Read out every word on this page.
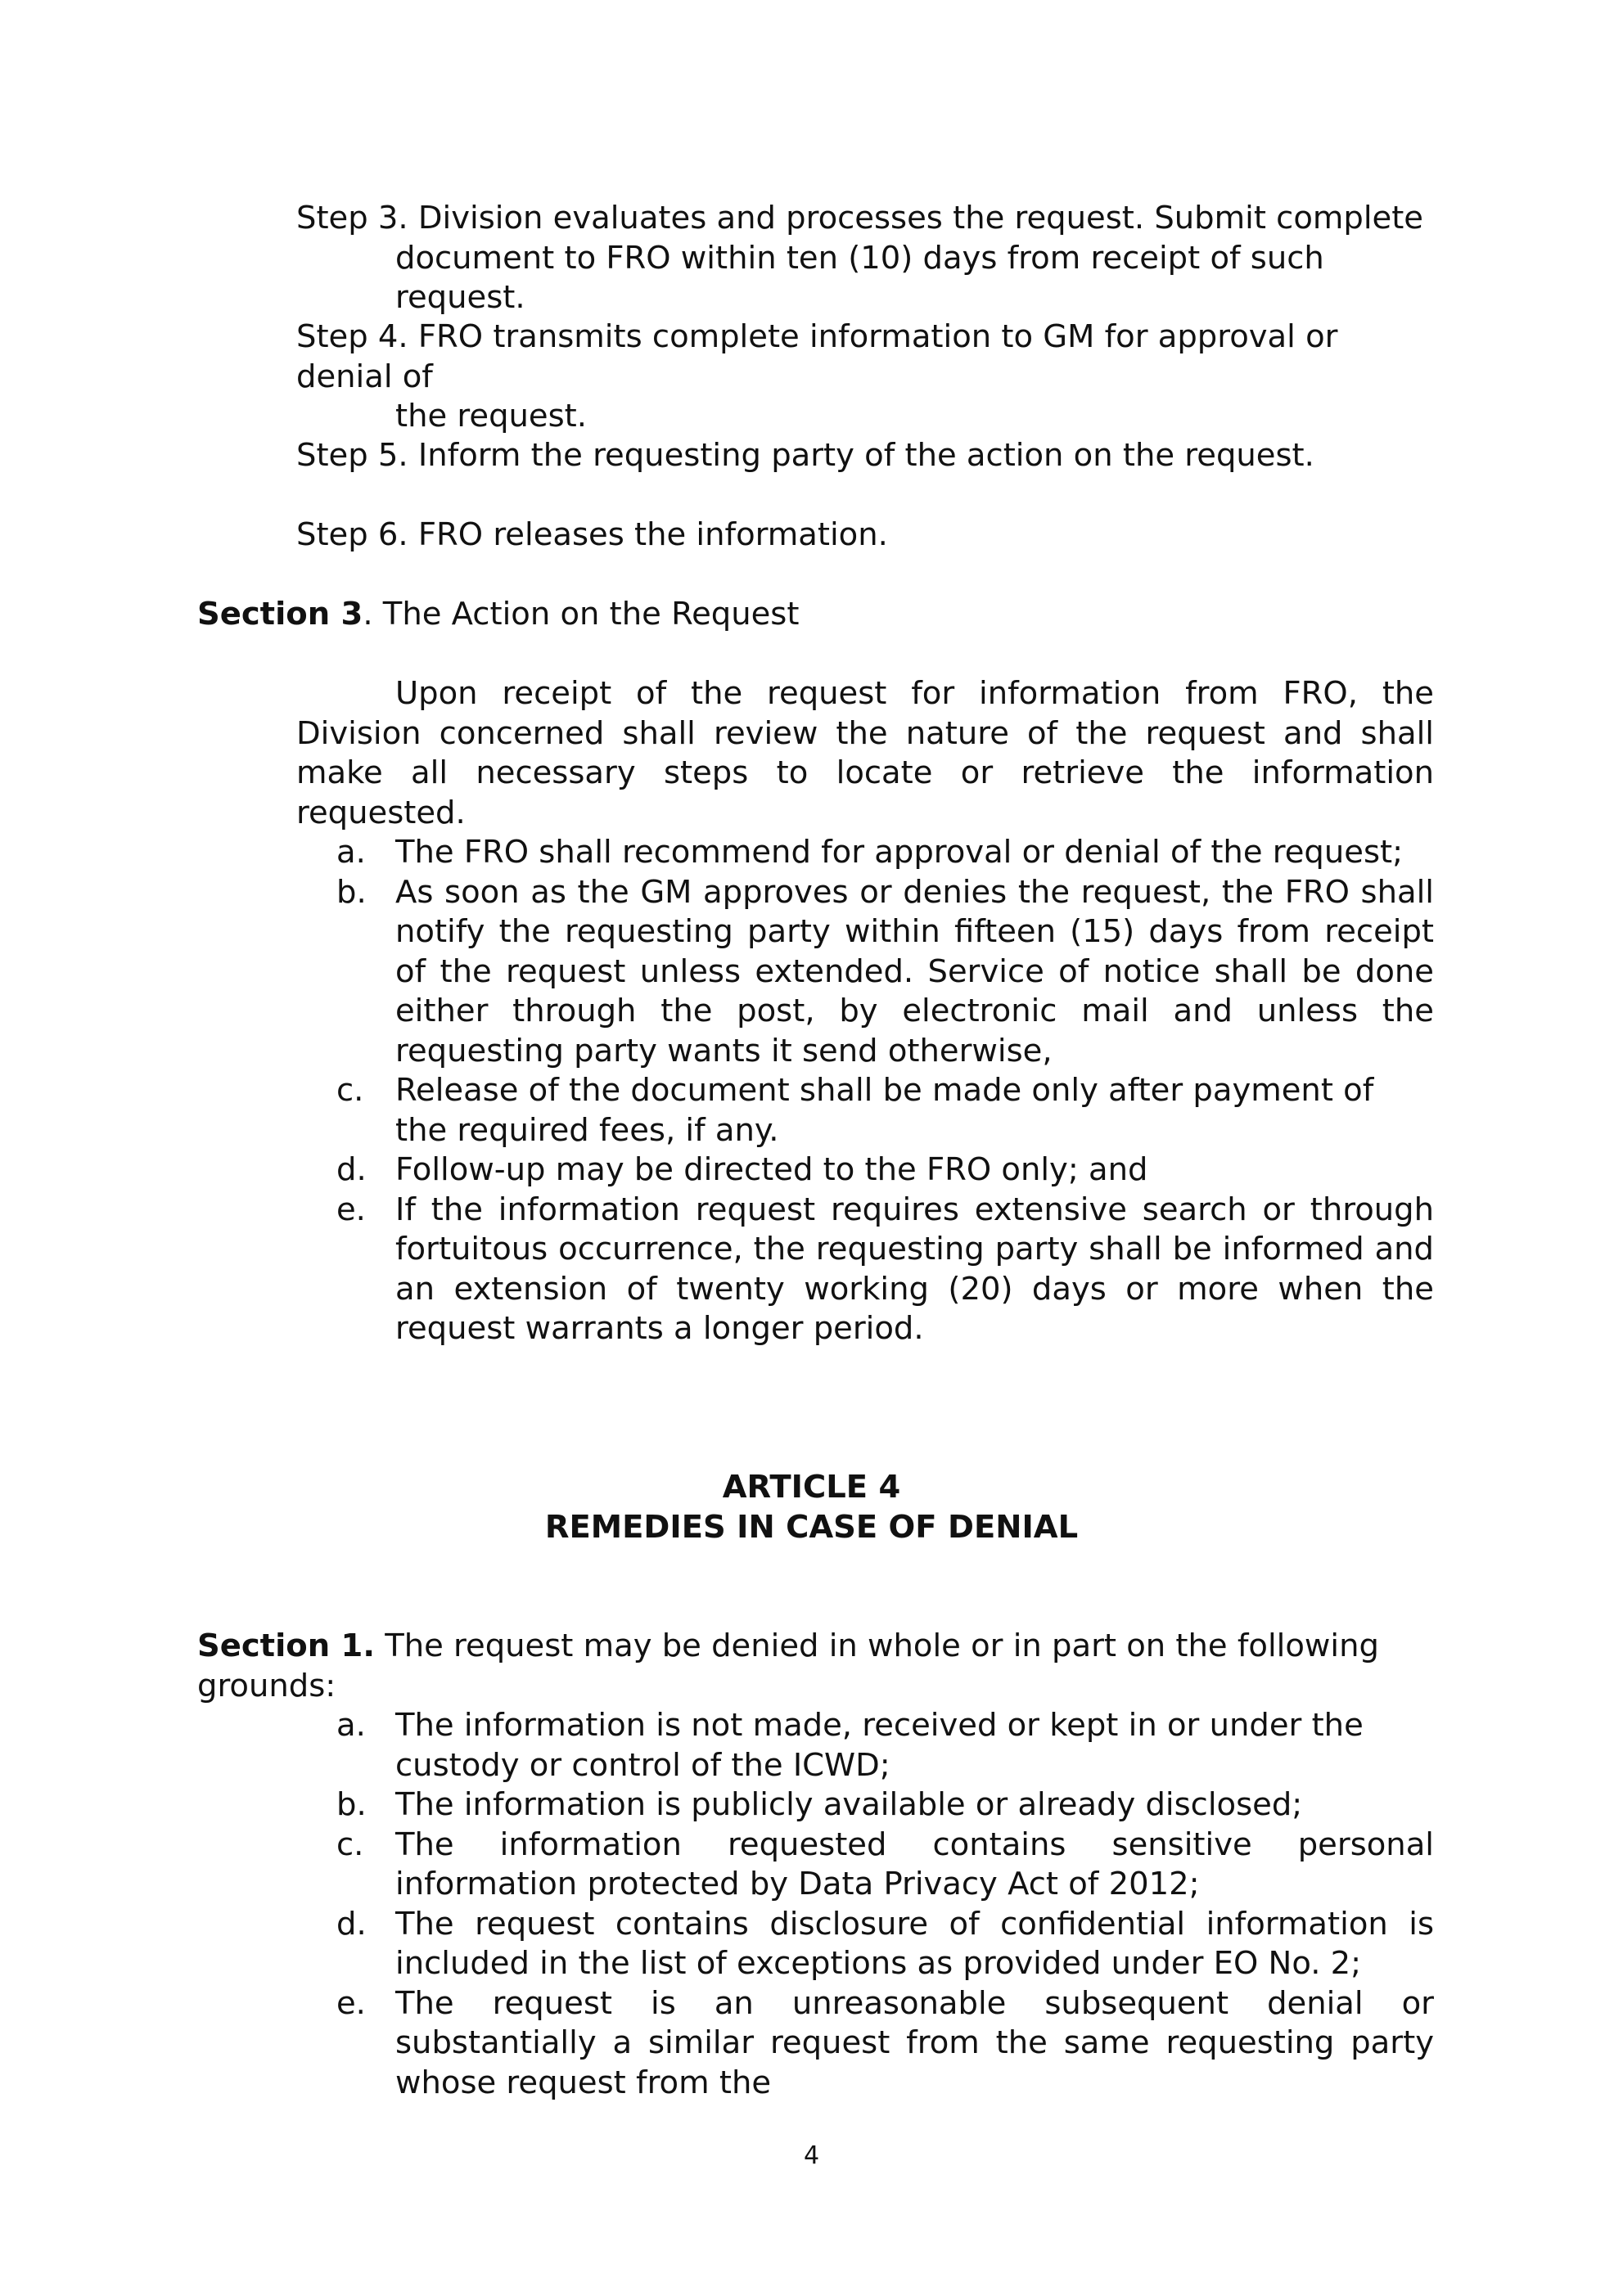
Step 3. Division evaluates and processes the request. Submit complete
document to FRO within ten (10) days from receipt of such request.
Step 4. FRO transmits complete information to GM for approval or denial of
the request.
Step 5. Inform the requesting party of the action on the request.
Step 6. FRO releases the information.
Section 3. The Action on the Request
Upon receipt of the request for information from FRO, the Division concerned shall review the nature of the request and shall make all necessary steps to locate or retrieve the information requested.
a. The FRO shall recommend for approval or denial of the request;
b. As soon as the GM approves or denies the request, the FRO shall notify the requesting party within fifteen (15) days from receipt of the request unless extended. Service of notice shall be done either through the post, by electronic mail and unless the requesting party wants it send otherwise,
c.	Release of the document shall be made only after payment of the required fees, if any.
d. Follow-up may be directed to the FRO only; and
e. If the information request requires extensive search or through fortuitous occurrence, the requesting party shall be informed and an extension of twenty working (20) days or more when the request warrants a longer period.
ARTICLE 4
REMEDIES IN CASE OF DENIAL
Section 1. The request may be denied in whole or in part on the following grounds:
a. The information is not made, received or kept in or under the custody or control of the ICWD;
b. The information is publicly available or already disclosed;
c.	The information requested contains sensitive personal information protected by Data Privacy Act of 2012;
d. The request contains disclosure of confidential information is included in the list of exceptions as provided under EO No. 2;
e. The request is an unreasonable subsequent denial or substantially a similar request from the same requesting party whose request from the
4
